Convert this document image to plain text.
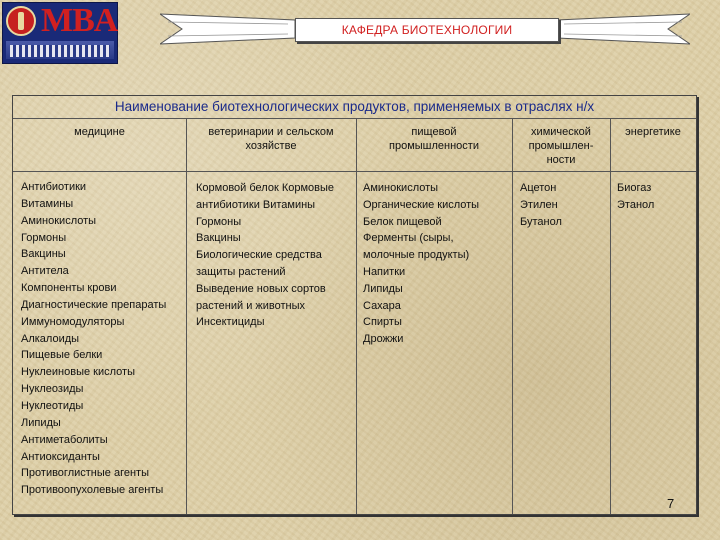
MBA	КАФЕДРА БИОТЕХНОЛОГИИ
Наименование биотехнологических продуктов, применяемых в отраслях н/х
медицине	ветеринарии и сельском
хозяйстве
пищевой
промышленности
химической
промышлен-
ности
энергетике
Антибиотики
Витамины
Аминокислоты
Гормоны
Вакцины
Антитела
Компоненты крови
Диагностические препараты
Иммуномодуляторы
Алкалоиды
Пищевые белки
Нуклеиновые кислоты
Нуклеозиды
Нуклеотиды
Липиды
Антиметаболиты
Антиоксиданты
Противоглистные агенты
Противоопухолевые агенты
Кормовой белок Кормовые
антибиотики Витамины
Гормоны
Вакцины
Биологические средства
защиты растений
Выведение новых сортов
растений и животных
Инсектициды
Аминокислоты
Органические кислоты
Белок пищевой
Ферменты (сыры,
молочные продукты)
Напитки
Липиды
Сахара
Спирты
Дрожжи
Ацетон
Этилен
Бутанол
Биогаз
Этанол
7
